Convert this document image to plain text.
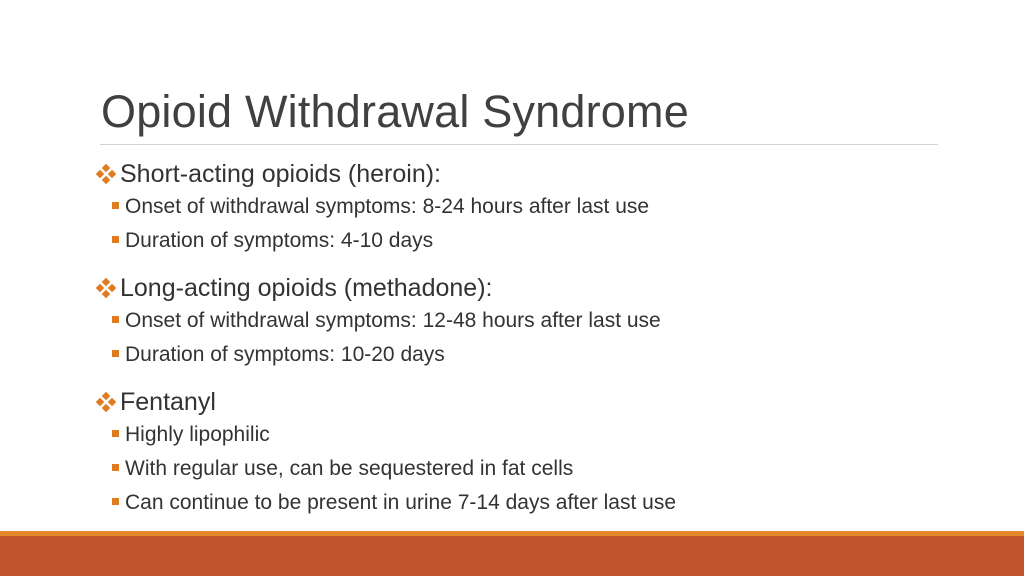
Opioid Withdrawal Syndrome
Short-acting opioids (heroin):
Onset of withdrawal symptoms: 8-24 hours after last use
Duration of symptoms: 4-10 days
Long-acting opioids (methadone):
Onset of withdrawal symptoms: 12-48 hours after last use
Duration of symptoms: 10-20 days
Fentanyl
Highly lipophilic
With regular use, can be sequestered in fat cells
Can continue to be present in urine 7-14 days after last use
